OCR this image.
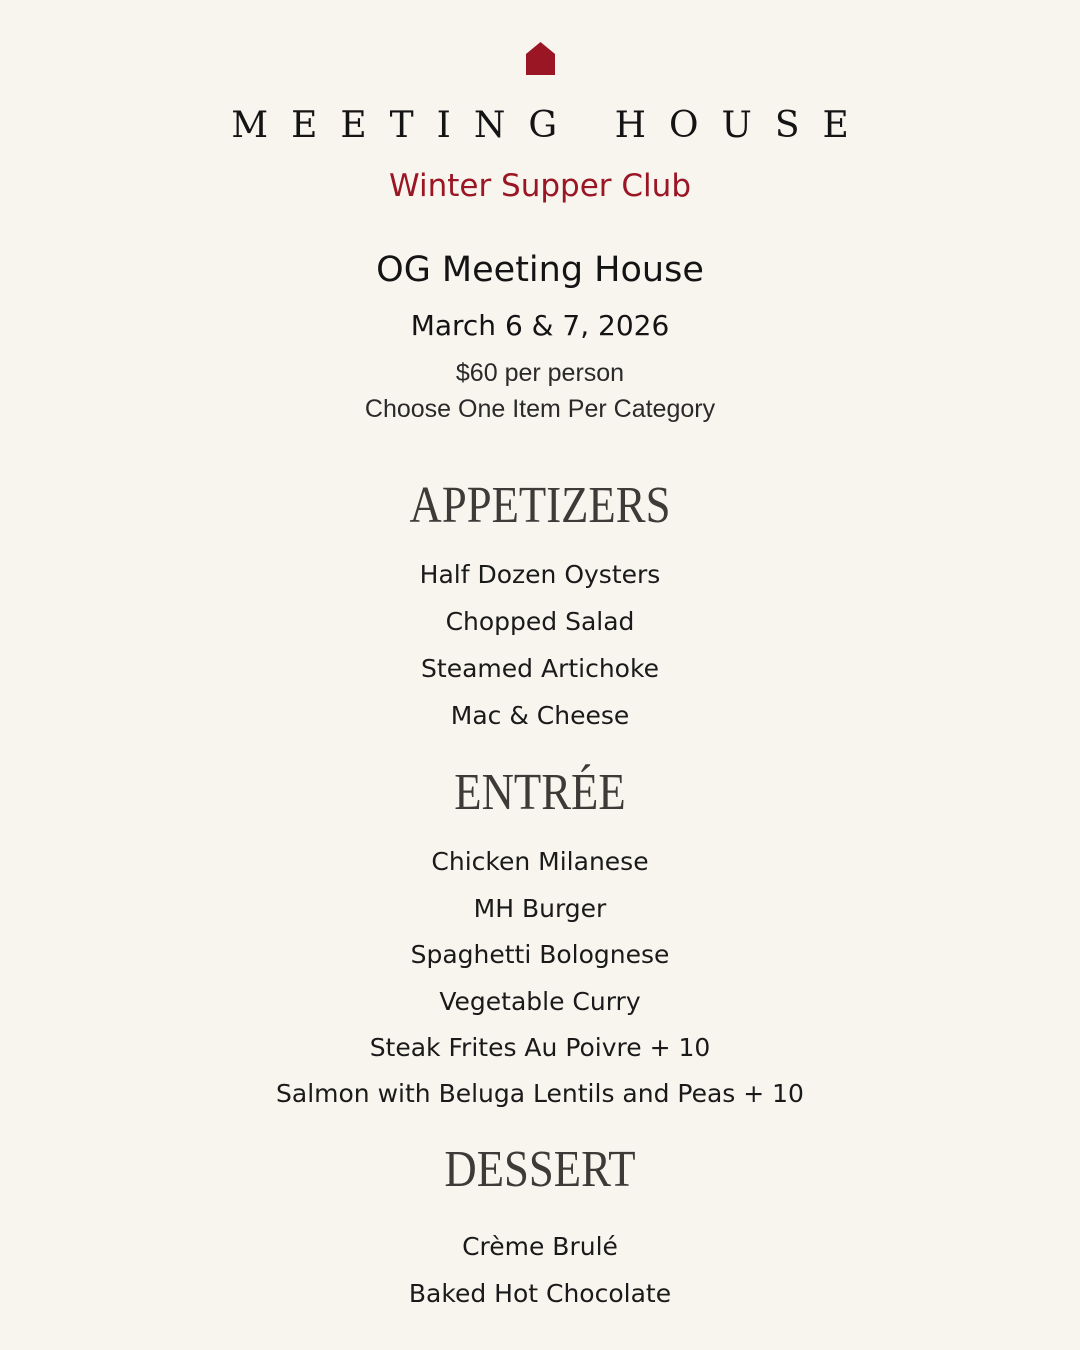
MEETING HOUSE
Winter Supper Club
OG Meeting House
March 6 & 7, 2026
$60 per person
Choose One Item Per Category
APPETIZERS
Half Dozen Oysters
Chopped Salad
Steamed Artichoke
Mac & Cheese
ENTRÉE
Chicken Milanese
MH Burger
Spaghetti Bolognese
Vegetable Curry
Steak Frites Au Poivre + 10
Salmon with Beluga Lentils and Peas + 10
DESSERT
Crème Brulé
Baked Hot Chocolate
